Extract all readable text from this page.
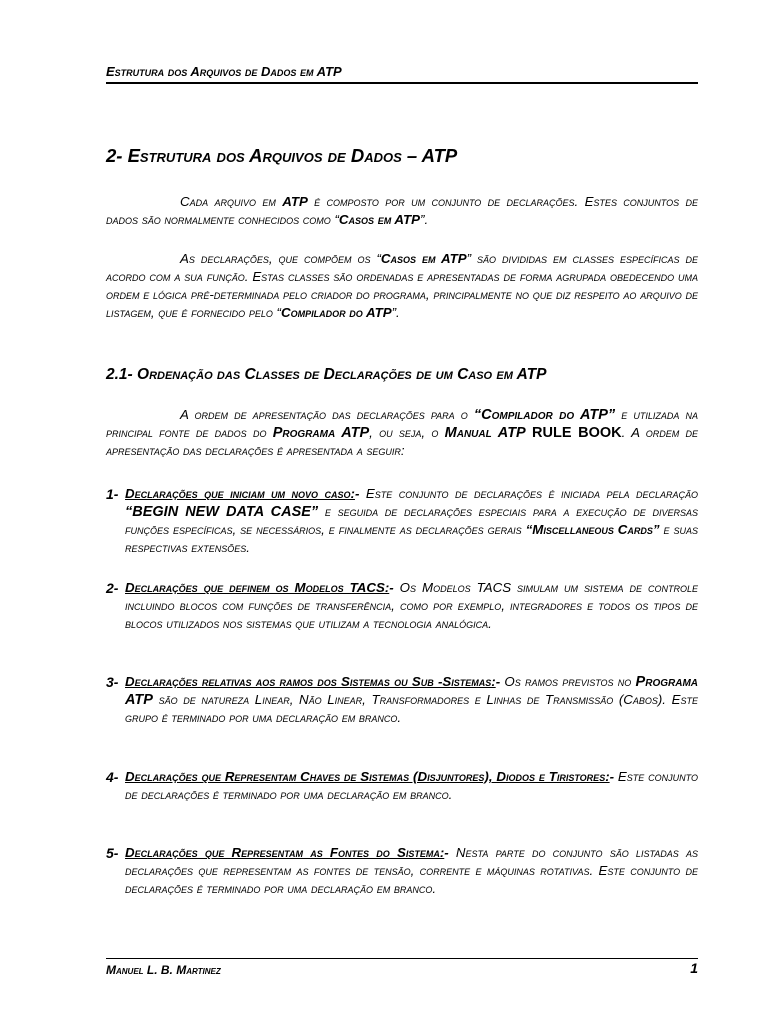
Estrutura dos Arquivos de Dados em ATP
2- Estrutura dos Arquivos de Dados – ATP
Cada arquivo em ATP é composto por um conjunto de declarações. Estes conjuntos de dados são normalmente conhecidos como “Casos em ATP”.
As declarações, que compõem os “Casos em ATP” são divididas em classes específicas de acordo com a sua função. Estas classes são ordenadas e apresentadas de forma agrupada obedecendo uma ordem e lógica pré-determinada pelo criador do programa, principalmente no que diz respeito ao arquivo de listagem, que é fornecido pelo “Compilador do ATP”.
2.1- Ordenação das Classes de Declarações de um Caso em ATP
A ordem de apresentação das declarações para o “Compilador do ATP” e utilizada na principal fonte de dados do Programa ATP, ou seja, o Manual ATP RULE BOOK. A ordem de apresentação das declarações é apresentada a seguir:
1- Declarações que iniciam um novo caso:- Este conjunto de declarações é iniciada pela declaração “BEGIN NEW DATA CASE” e seguida de declarações especiais para a execução de diversas funções específicas, se necessários, e finalmente as declarações gerais “Miscellaneous Cards” e suas respectivas extensões.
2- Declarações que definem os Modelos TACS:- Os Modelos TACS simulam um sistema de controle incluindo blocos com funções de transferência, como por exemplo, integradores e todos os tipos de blocos utilizados nos sistemas que utilizam a tecnologia analógica.
3- Declarações relativas aos ramos dos Sistemas ou Sub -Sistemas:- Os ramos previstos no Programa ATP são de natureza Linear, Não Linear, Transformadores e Linhas de Transmissão (Cabos). Este grupo é terminado por uma declaração em branco.
4- Declarações que Representam Chaves de Sistemas (Disjuntores), Diodos e Tiristores:- Este conjunto de declarações é terminado por uma declaração em branco.
5- Declarações que Representam as Fontes do Sistema:- Nesta parte do conjunto são listadas as declarações que representam as fontes de tensão, corrente e máquinas rotativas. Este conjunto de declarações é terminado por uma declaração em branco.
Manuel L. B. Martinez	1
